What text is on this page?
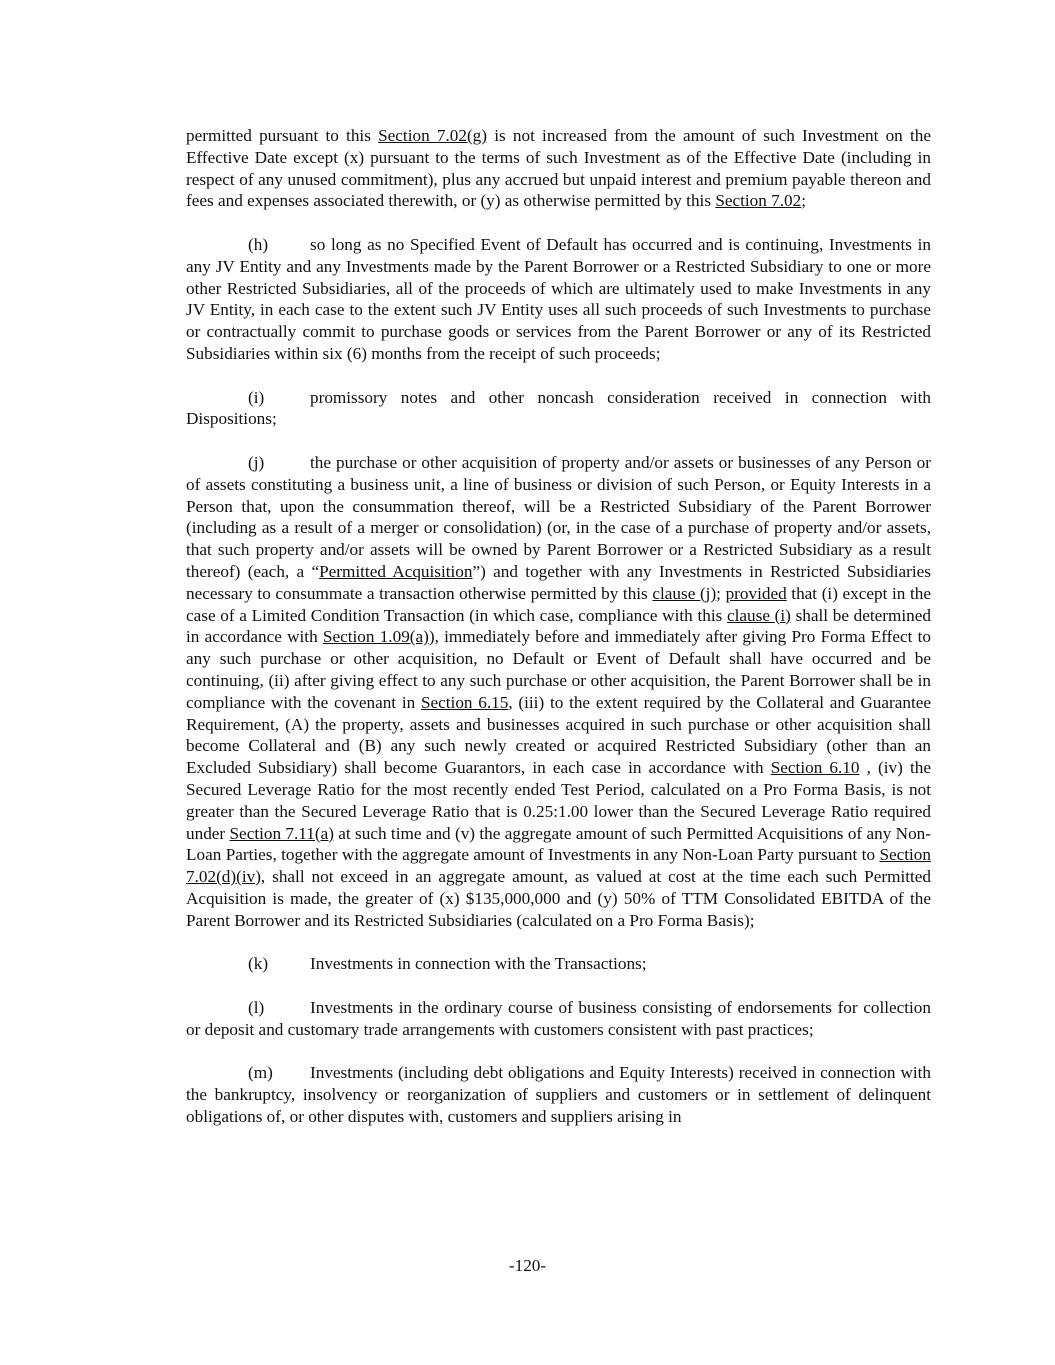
permitted pursuant to this Section 7.02(g) is not increased from the amount of such Investment on the Effective Date except (x) pursuant to the terms of such Investment as of the Effective Date (including in respect of any unused commitment), plus any accrued but unpaid interest and premium payable thereon and fees and expenses associated therewith, or (y) as otherwise permitted by this Section 7.02;

(h) so long as no Specified Event of Default has occurred and is continuing, Investments in any JV Entity and any Investments made by the Parent Borrower or a Restricted Subsidiary to one or more other Restricted Subsidiaries, all of the proceeds of which are ultimately used to make Investments in any JV Entity, in each case to the extent such JV Entity uses all such proceeds of such Investments to purchase or contractually commit to purchase goods or services from the Parent Borrower or any of its Restricted Subsidiaries within six (6) months from the receipt of such proceeds;

(i)	promissory notes and other noncash consideration received in connection with Dispositions;

(j)	the purchase or other acquisition of property and/or assets or businesses of any Person or of assets constituting a business unit, a line of business or division of such Person, or Equity Interests in a Person that, upon the consummation thereof, will be a Restricted Subsidiary of the Parent Borrower (including as a result of a merger or consolidation) (or, in the case of a purchase of property and/or assets, that such property and/or assets will be owned by Parent Borrower or a Restricted Subsidiary as a result thereof) (each, a “Permitted Acquisition”) and together with any Investments in Restricted Subsidiaries necessary to consummate a transaction otherwise permitted by this clause (j); provided that (i) except in the case of a Limited Condition Transaction (in which case, compliance with this clause (i) shall be determined in accordance with Section 1.09(a)), immediately before and immediately after giving Pro Forma Effect to any such purchase or other acquisition, no Default or Event of Default shall have occurred and be continuing, (ii) after giving effect to any such purchase or other acquisition, the Parent Borrower shall be in compliance with the covenant in Section 6.15, (iii) to the extent required by the Collateral and Guarantee Requirement, (A) the property, assets and businesses acquired in such purchase or other acquisition shall become Collateral and (B) any such newly created or acquired Restricted Subsidiary (other than an Excluded Subsidiary) shall become Guarantors, in each case in accordance with Section 6.10 , (iv) the Secured Leverage Ratio for the most recently ended Test Period, calculated on a Pro Forma Basis, is not greater than the Secured Leverage Ratio that is 0.25:1.00 lower than the Secured Leverage Ratio required under Section 7.11(a) at such time and (v) the aggregate amount of such Permitted Acquisitions of any Non-Loan Parties, together with the aggregate amount of Investments in any Non-Loan Party pursuant to Section 7.02(d)(iv), shall not exceed in an aggregate amount, as valued at cost at the time each such Permitted Acquisition is made, the greater of (x) $135,000,000 and (y) 50% of TTM Consolidated EBITDA of the Parent Borrower and its Restricted Subsidiaries (calculated on a Pro Forma Basis);

(k) Investments in connection with the Transactions;

(l)	Investments in the ordinary course of business consisting of endorsements for collection or deposit and customary trade arrangements with customers consistent with past practices;

(m) Investments (including debt obligations and Equity Interests) received in connection with the bankruptcy, insolvency or reorganization of suppliers and customers or in settlement of delinquent obligations of, or other disputes with, customers and suppliers arising in

-120-
